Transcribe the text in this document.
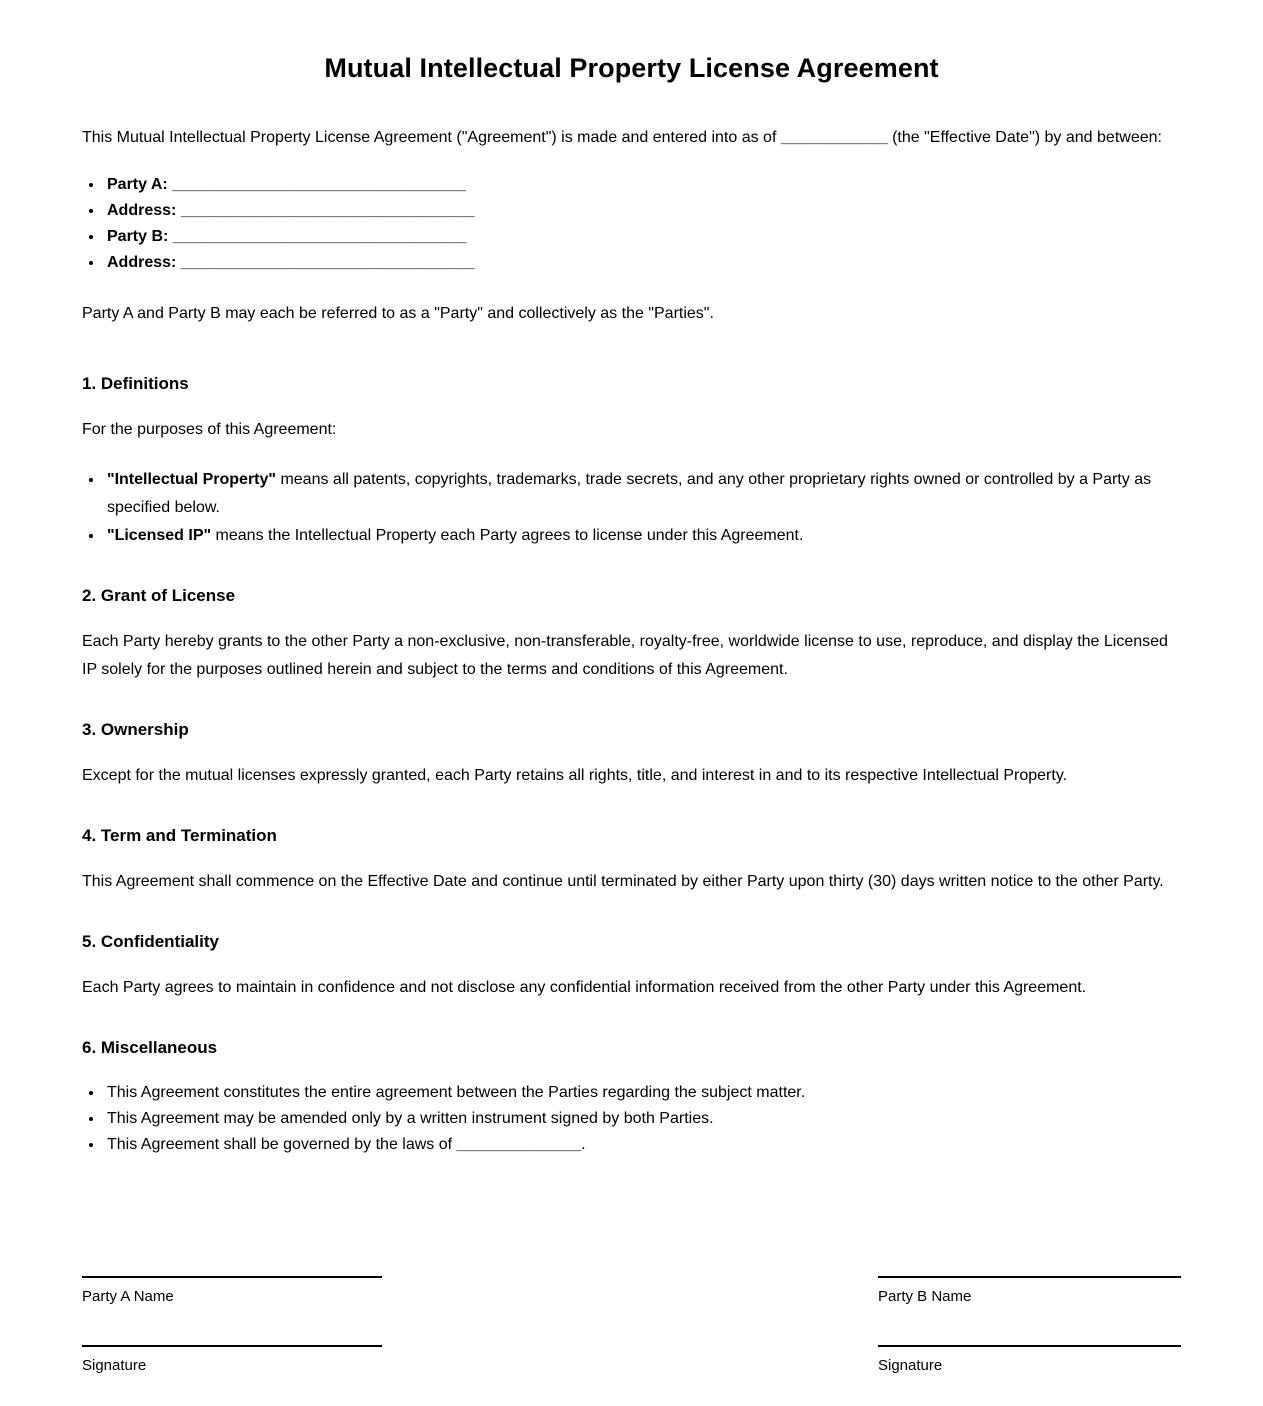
Mutual Intellectual Property License Agreement

This Mutual Intellectual Property License Agreement ("Agreement") is made and entered into as of ____________ (the "Effective Date") by and between:

• Party A: _________________________________
• Address: _________________________________
• Party B: _________________________________
• Address: _________________________________

Party A and Party B may each be referred to as a "Party" and collectively as the "Parties".

1. Definitions

For the purposes of this Agreement:

• "Intellectual Property" means all patents, copyrights, trademarks, trade secrets, and any other proprietary rights owned or controlled by a Party as specified below.
• "Licensed IP" means the Intellectual Property each Party agrees to license under this Agreement.
2. Grant of License

Each Party hereby grants to the other Party a non-exclusive, non-transferable, royalty-free, worldwide license to use, reproduce, and display the Licensed IP solely for the purposes outlined herein and subject to the terms and conditions of this Agreement.

3. Ownership

Except for the mutual licenses expressly granted, each Party retains all rights, title, and interest in and to its respective Intellectual Property.

4. Term and Termination

This Agreement shall commence on the Effective Date and continue until terminated by either Party upon thirty (30) days written notice to the other Party.

5. Confidentiality

Each Party agrees to maintain in confidence and not disclose any confidential information received from the other Party under this Agreement.

6. Miscellaneous
• This Agreement constitutes the entire agreement between the Parties regarding the subject matter.
• This Agreement may be amended only by a written instrument signed by both Parties.
• This Agreement shall be governed by the laws of ______________.

Party A Name

Signature

Party B Name

Signature
